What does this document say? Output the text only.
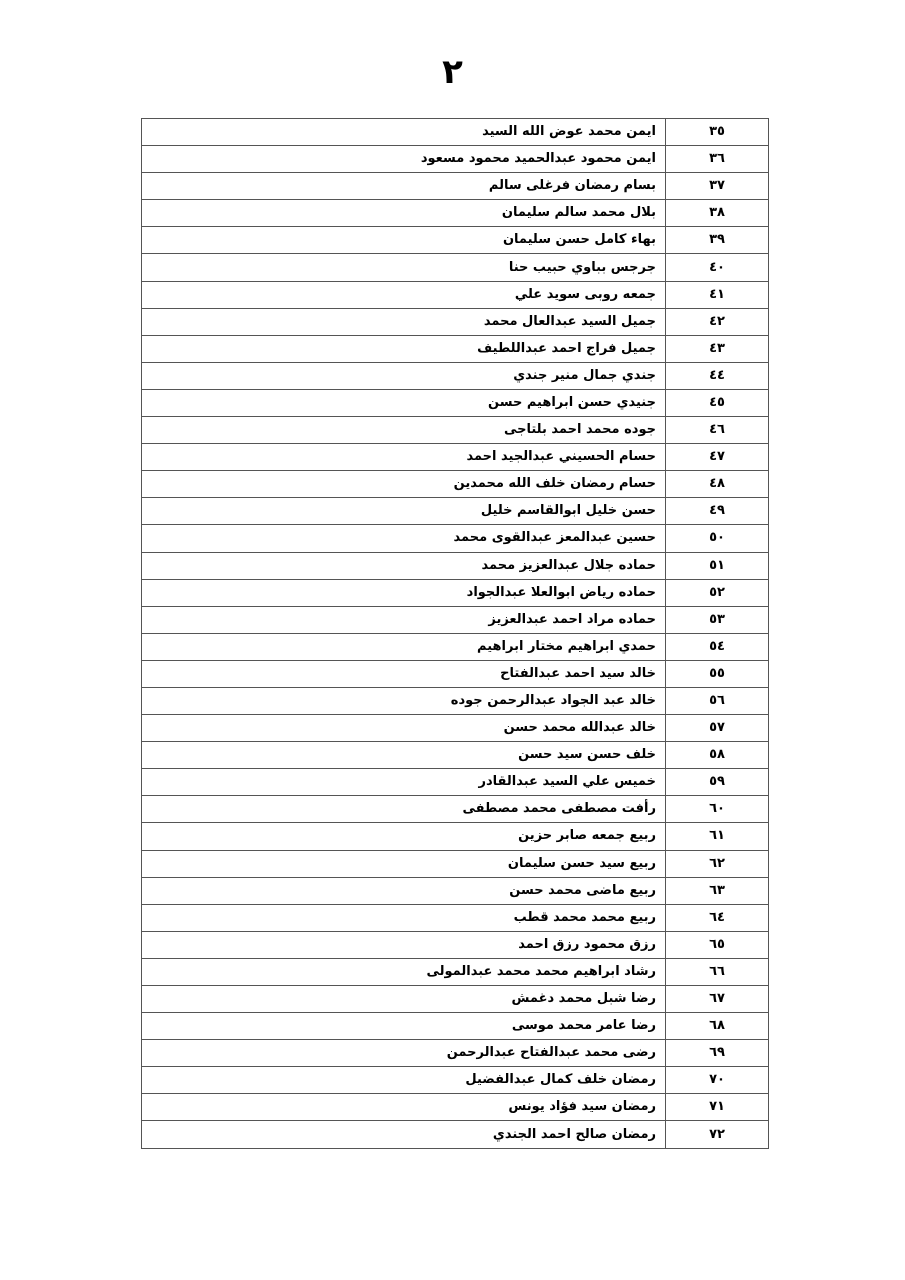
٢
٣٥	ايمن محمد عوض الله السيد
٣٦	ايمن محمود عبدالحميد محمود مسعود
٣٧	بسام رمضان فرغلى سالم
٣٨	بلال محمد سالم سليمان
٣٩	بهاء كامل حسن سليمان
٤٠	جرجس بباوي حبيب حنا
٤١	جمعه روبى سويد علي
٤٢	جميل السيد عبدالعال محمد
٤٣	جميل فراج احمد عبداللطيف
٤٤	جندي جمال منير جندي
٤٥	جنيدي حسن ابراهيم حسن
٤٦	جوده محمد احمد بلتاجى
٤٧	حسام الحسيني عبدالجيد احمد
٤٨	حسام رمضان خلف الله محمدين
٤٩	حسن خليل ابوالقاسم خليل
٥٠	حسين عبدالمعز عبدالقوى محمد
٥١	حماده جلال عبدالعزيز محمد
٥٢	حماده رياض ابوالعلا عبدالجواد
٥٣	حماده مراد احمد عبدالعزيز
٥٤	حمدي ابراهيم مختار ابراهيم
٥٥	خالد سيد احمد عبدالفتاح
٥٦	خالد عبد الجواد عبدالرحمن جوده
٥٧	خالد عبدالله محمد حسن
٥٨	خلف حسن سيد حسن
٥٩	خميس علي السيد عبدالقادر
٦٠	رأفت مصطفى محمد مصطفى
٦١	ربيع جمعه صابر حزين
٦٢	ربيع سيد حسن سليمان
٦٣	ربيع ماضى محمد حسن
٦٤	ربيع محمد محمد قطب
٦٥	رزق محمود رزق احمد
٦٦	رشاد ابراهيم محمد محمد عبدالمولى
٦٧	رضا شبل محمد دغمش
٦٨	رضا عامر محمد موسى
٦٩	رضى محمد عبدالفتاح عبدالرحمن
٧٠	رمضان خلف كمال عبدالفضيل
٧١	رمضان سيد فؤاد يونس
٧٢	رمضان صالح احمد الجندي
